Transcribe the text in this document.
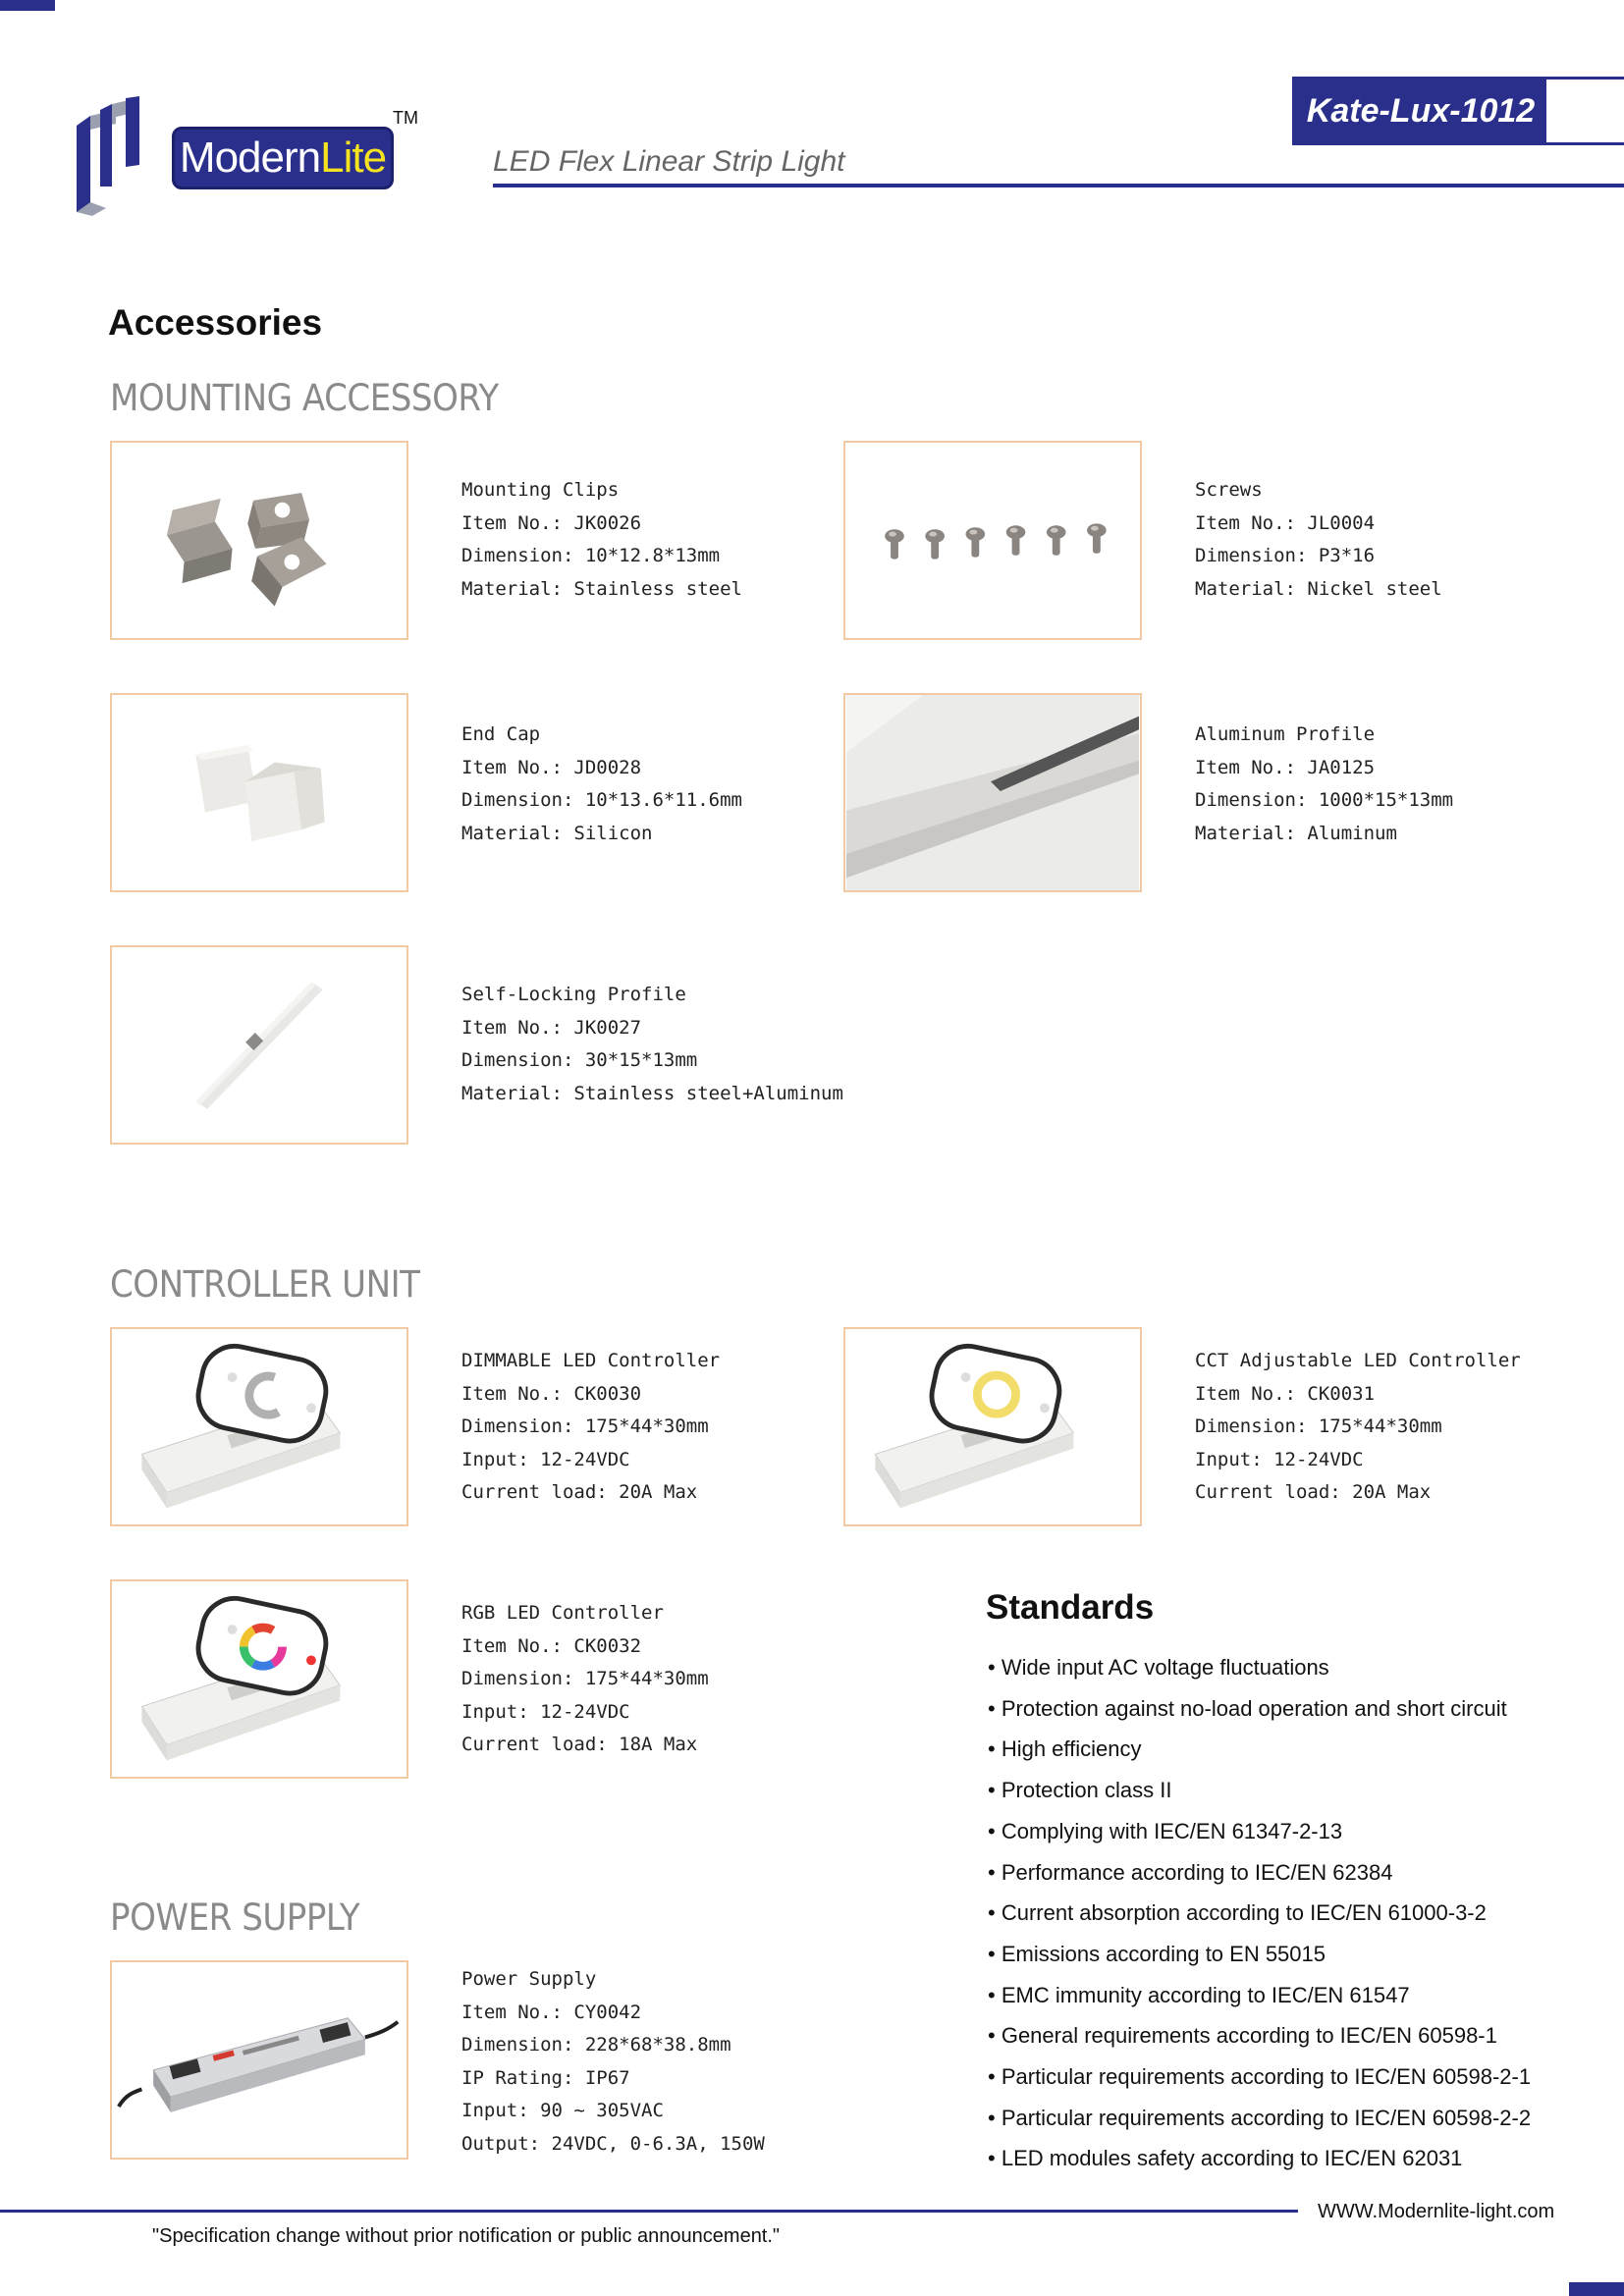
ModernLite
TM
LED Flex Linear Strip Light
Kate-Lux-1012
Accessories
MOUNTING ACCESSORY
Mounting Clips
Item No.: JK0026
Dimension: 10*12.8*13mm
Material: Stainless steel
Screws
Item No.: JL0004
Dimension: P3*16
Material: Nickel steel
End Cap
Item No.: JD0028
Dimension: 10*13.6*11.6mm
Material: Silicon
Aluminum Profile
Item No.: JA0125
Dimension: 1000*15*13mm
Material: Aluminum
Self-Locking Profile
Item No.: JK0027
Dimension: 30*15*13mm
Material: Stainless steel+Aluminum
CONTROLLER UNIT
DIMMABLE LED Controller
Item No.: CK0030
Dimension: 175*44*30mm
Input: 12-24VDC
Current load: 20A Max
CCT Adjustable LED Controller
Item No.: CK0031
Dimension: 175*44*30mm
Input: 12-24VDC
Current load: 20A Max
RGB LED Controller
Item No.: CK0032
Dimension: 175*44*30mm
Input: 12-24VDC
Current load: 18A Max
Standards
• Wide input AC voltage fluctuations
• Protection against no-load operation and short circuit
• High efficiency
• Protection class II
• Complying with IEC/EN 61347-2-13
• Performance according to IEC/EN 62384
• Current absorption according to IEC/EN 61000-3-2
• Emissions according to EN 55015
• EMC immunity according to IEC/EN 61547
• General requirements according to IEC/EN 60598-1
• Particular requirements according to IEC/EN 60598-2-1
• Particular requirements according to IEC/EN 60598-2-2
• LED modules safety according to IEC/EN 62031
POWER SUPPLY
Power Supply
Item No.: CY0042
Dimension: 228*68*38.8mm
IP Rating: IP67
Input: 90 ~ 305VAC
Output: 24VDC, 0-6.3A, 150W
WWW.Modernlite-light.com
"Specification change without prior notification or public announcement."
